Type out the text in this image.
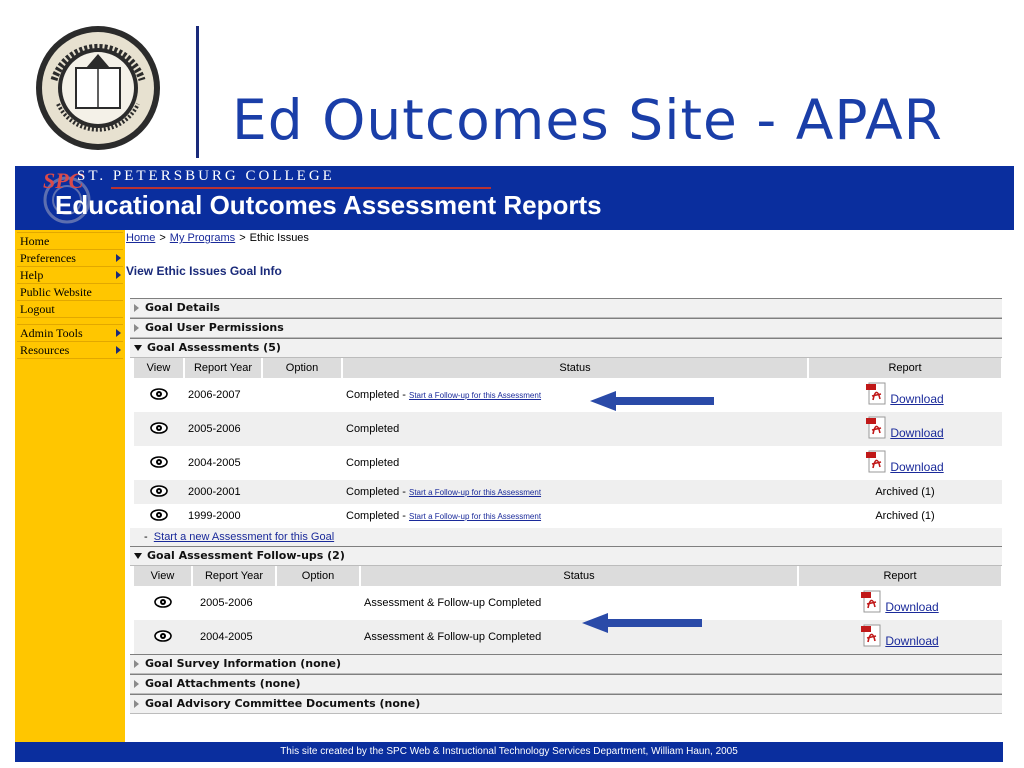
Ed Outcomes Site - APAR
SPC
ST. PETERSBURG COLLEGE
Educational Outcomes Assessment Reports
Home
Preferences
Help
Public Website
Logout
Admin Tools
Resources
Home > My Programs > Ethic Issues
View Ethic Issues Goal Info
Goal Details
Goal User Permissions
Goal Assessments (5)
View	Report Year	Option	Status	Report
	2006-2007		Completed - Start a Follow-up for this Assessment	Download

	2005-2006		Completed	Download

	2004-2005		Completed	Download

	2000-2001		Completed - Start a Follow-up for this Assessment	Archived (1)
	1999-2000		Completed - Start a Follow-up for this Assessment	Archived (1)
- Start a new Assessment for this Goal
Goal Assessment Follow-ups (2)
View	Report Year	Option	Status	Report
	2005-2006		Assessment & Follow-up Completed	Download

	2004-2005		Assessment & Follow-up Completed	Download
Goal Survey Information (none)
Goal Attachments (none)
Goal Advisory Committee Documents (none)
This site created by the SPC Web & Instructional Technology Services Department, William Haun, 2005
